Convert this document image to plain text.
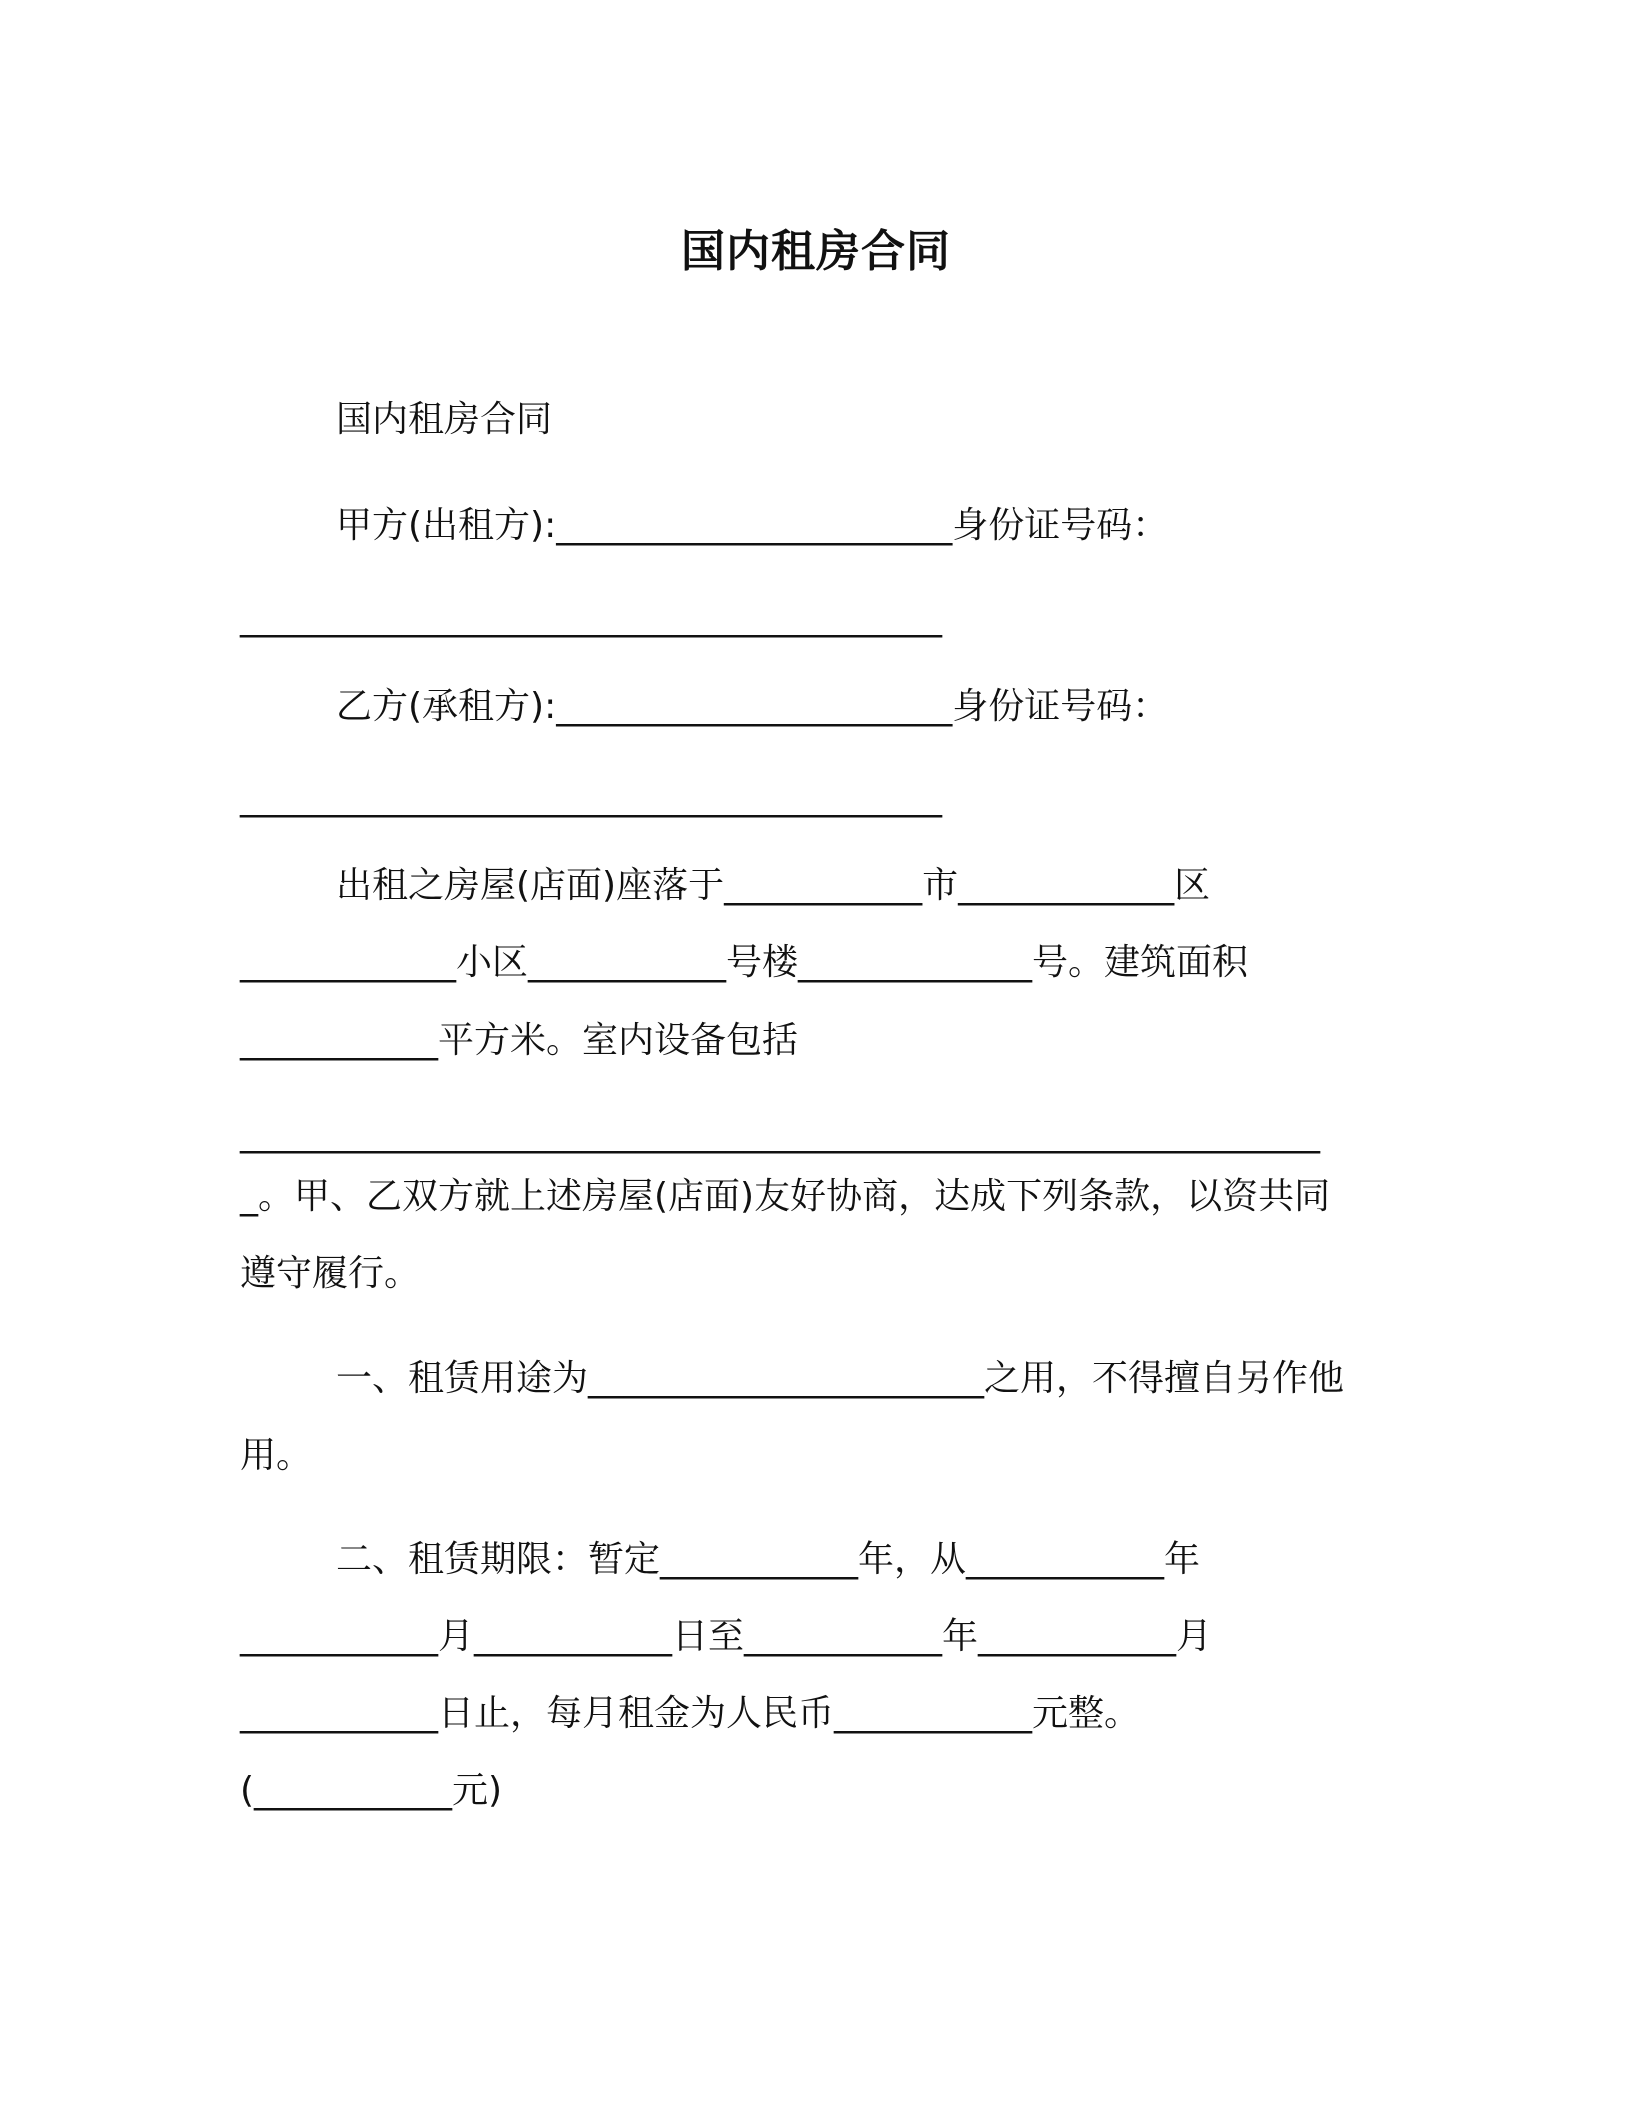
国内租房合同
国内租房合同
甲方(出租方):______________________身份证号码：
_______________________________________
乙方(承租方):______________________身份证号码：
_______________________________________
出租之房屋(店面)座落于___________市____________区
____________小区___________号楼_____________号。建筑面积
___________平方米。室内设备包括
____________________________________________________________
_。甲、乙双方就上述房屋(店面)友好协商，达成下列条款，以资共同
遵守履行。
一、租赁用途为______________________之用，不得擅自另作他
用。
二、租赁期限：暂定___________年，从___________年
___________月___________日至___________年___________月
___________日止，每月租金为人民币___________元整。
(___________元)
